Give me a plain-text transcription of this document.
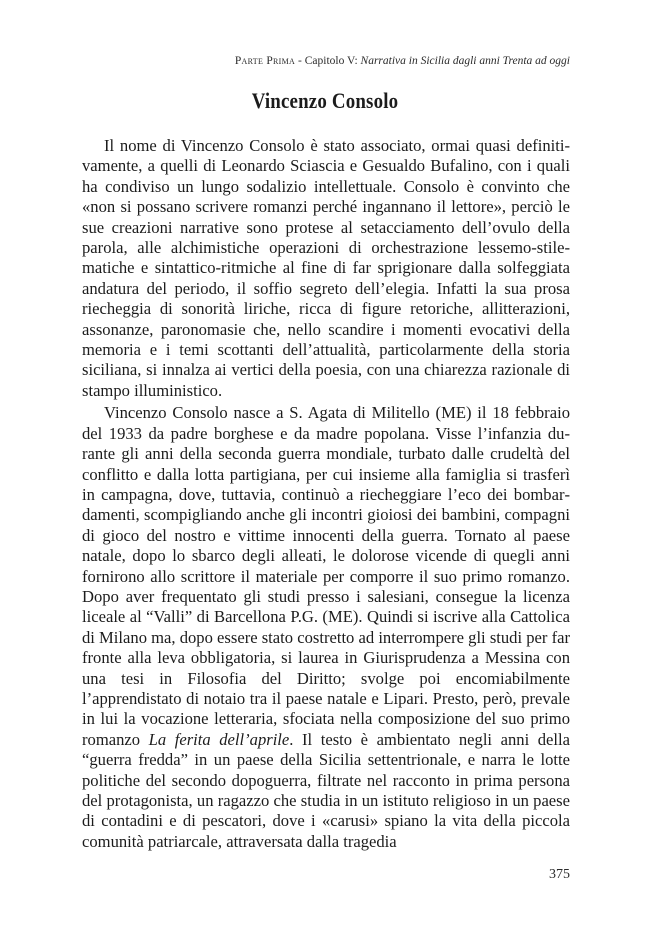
Parte Prima - Capitolo V: Narrativa in Sicilia dagli anni Trenta ad oggi
Vincenzo Consolo

Il nome di Vincenzo Consolo è stato associato, ormai quasi definitivamente, a quelli di Leonardo Sciascia e Gesualdo Bufalino, con i quali ha condiviso un lungo sodalizio intellettuale. Consolo è convinto che «non si possano scrivere romanzi perché ingannano il lettore», perciò le sue creazioni narrative sono protese al setacciamento dell’ovulo della parola, alle alchimistiche operazioni di orchestrazione lessemo-stilematiche e sintattico-ritmiche al fine di far sprigionare dalla solfeggiata andatura del periodo, il soffio segreto dell’elegia. Infatti la sua prosa riecheggia di sonorità liriche, ricca di figure retoriche, allitterazioni, assonanze, paronomasie che, nello scandire i momenti evocativi della memoria e i temi scottanti dell’attualità, particolarmente della storia siciliana, si innalza ai vertici della poesia, con una chiarezza razionale di stampo illuministico.

Vincenzo Consolo nasce a S. Agata di Militello (ME) il 18 febbraio del 1933 da padre borghese e da madre popolana. Visse l’infanzia durante gli anni della seconda guerra mondiale, turbato dalle crudeltà del conflitto e dalla lotta partigiana, per cui insieme alla famiglia si trasferì in campagna, dove, tuttavia, continuò a riecheggiare l’eco dei bombardamenti, scompigliando anche gli incontri gioiosi dei bambini, compagni di gioco del nostro e vittime innocenti della guerra. Tornato al paese natale, dopo lo sbarco degli alleati, le dolorose vicende di quegli anni fornirono allo scrittore il materiale per comporre il suo primo romanzo. Dopo aver frequentato gli studi presso i salesiani, consegue la licenza liceale al “Valli” di Barcellona P.G. (ME). Quindi si iscrive alla Cattolica di Milano ma, dopo essere stato costretto ad interrompere gli studi per far fronte alla leva obbligatoria, si laurea in Giurisprudenza a Messina con una tesi in Filosofia del Diritto; svolge poi encomiabilmente l’apprendistato di notaio tra il paese natale e Lipari. Presto, però, prevale in lui la vocazione letteraria, sfociata nella composizione del suo primo romanzo La ferita dell’aprile. Il testo è ambientato negli anni della “guerra fredda” in un paese della Sicilia settentrionale, e narra le lotte politiche del secondo dopoguerra, filtrate nel racconto in prima persona del protagonista, un ragazzo che studia in un istituto religioso in un paese di contadini e di pescatori, dove i «carusi» spiano la vita della piccola comunità patriarcale, attraversata dalla tragedia

375
